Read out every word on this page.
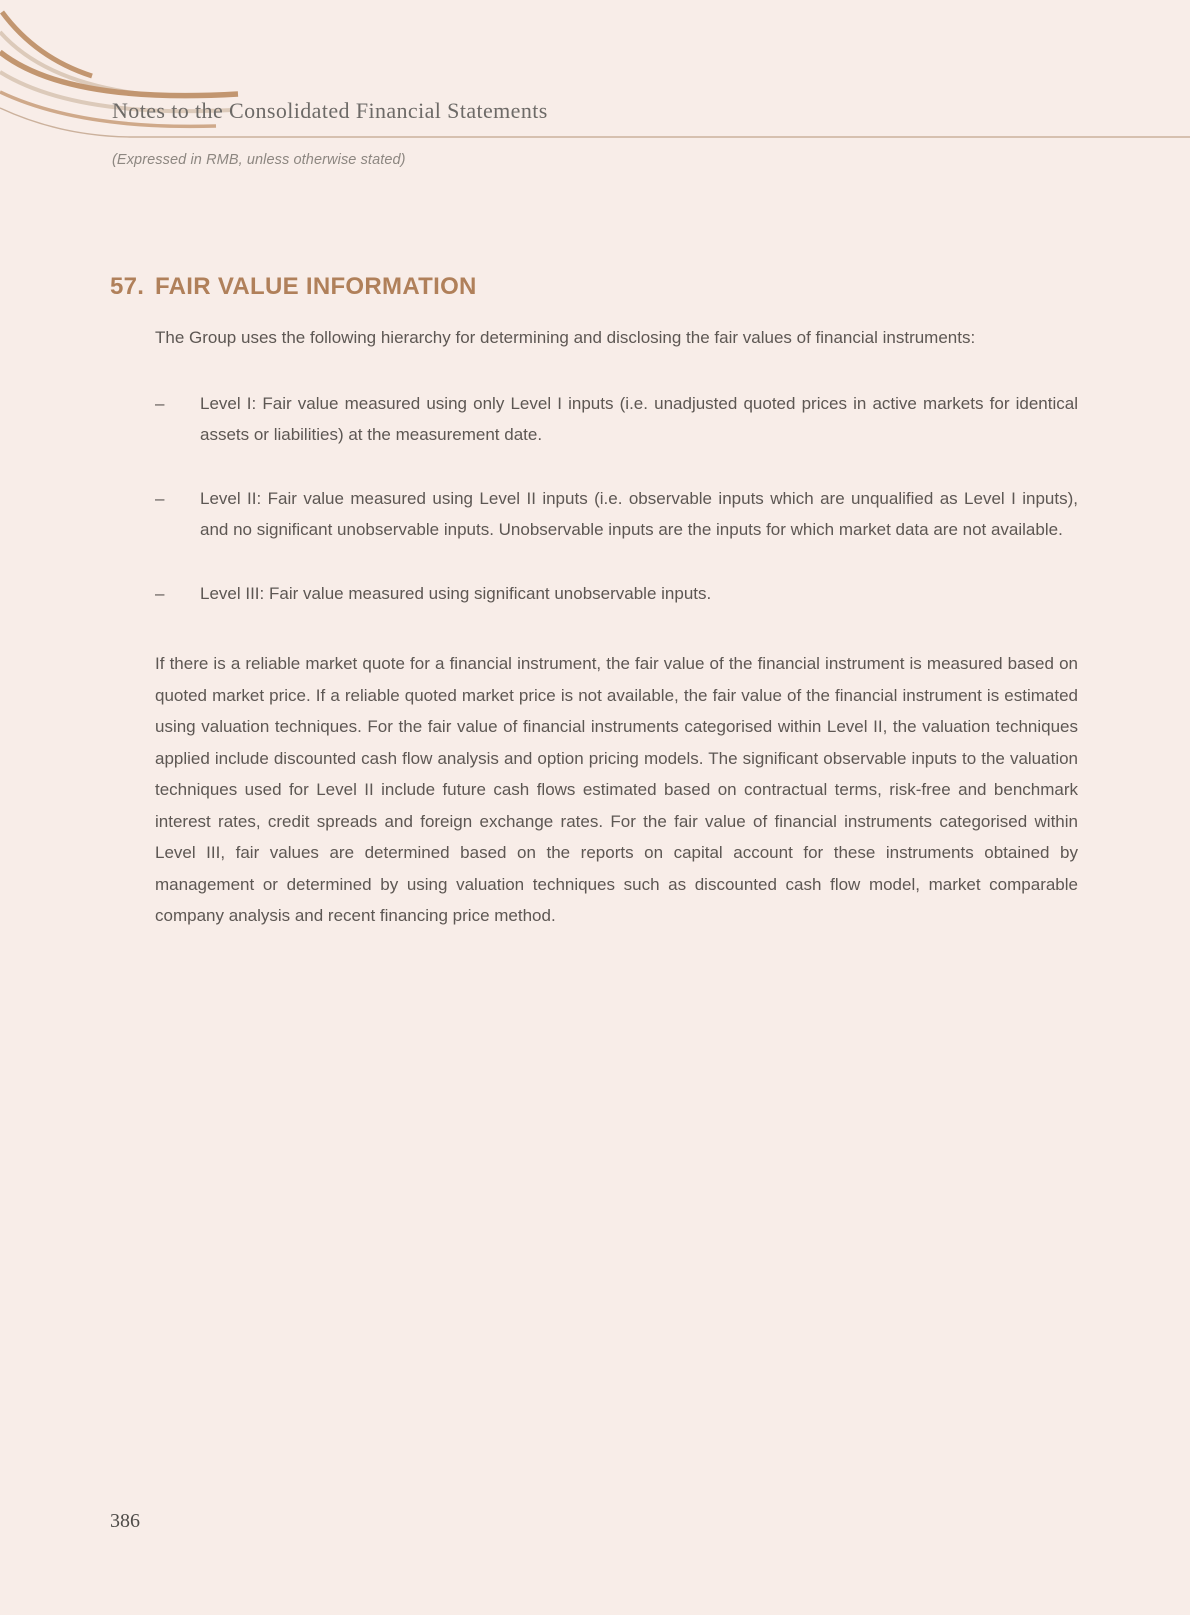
Notes to the Consolidated Financial Statements
(Expressed in RMB, unless otherwise stated)
57. FAIR VALUE INFORMATION

The Group uses the following hierarchy for determining and disclosing the fair values of financial instruments:

–	Level I: Fair value measured using only Level I inputs (i.e. unadjusted quoted prices in active markets for identical assets or liabilities) at the measurement date.
–	Level II: Fair value measured using Level II inputs (i.e. observable inputs which are unqualified as Level I inputs), and no significant unobservable inputs. Unobservable inputs are the inputs for which market data are not available.
–	Level III: Fair value measured using significant unobservable inputs.

If there is a reliable market quote for a financial instrument, the fair value of the financial instrument is measured based on quoted market price. If a reliable quoted market price is not available, the fair value of the financial instrument is estimated using valuation techniques. For the fair value of financial instruments categorised within Level II, the valuation techniques applied include discounted cash flow analysis and option pricing models. The significant observable inputs to the valuation techniques used for Level II include future cash flows estimated based on contractual terms, risk-free and benchmark interest rates, credit spreads and foreign exchange rates. For the fair value of financial instruments categorised within Level III, fair values are determined based on the reports on capital account for these instruments obtained by management or determined by using valuation techniques such as discounted cash flow model, market comparable company analysis and recent financing price method.

386
